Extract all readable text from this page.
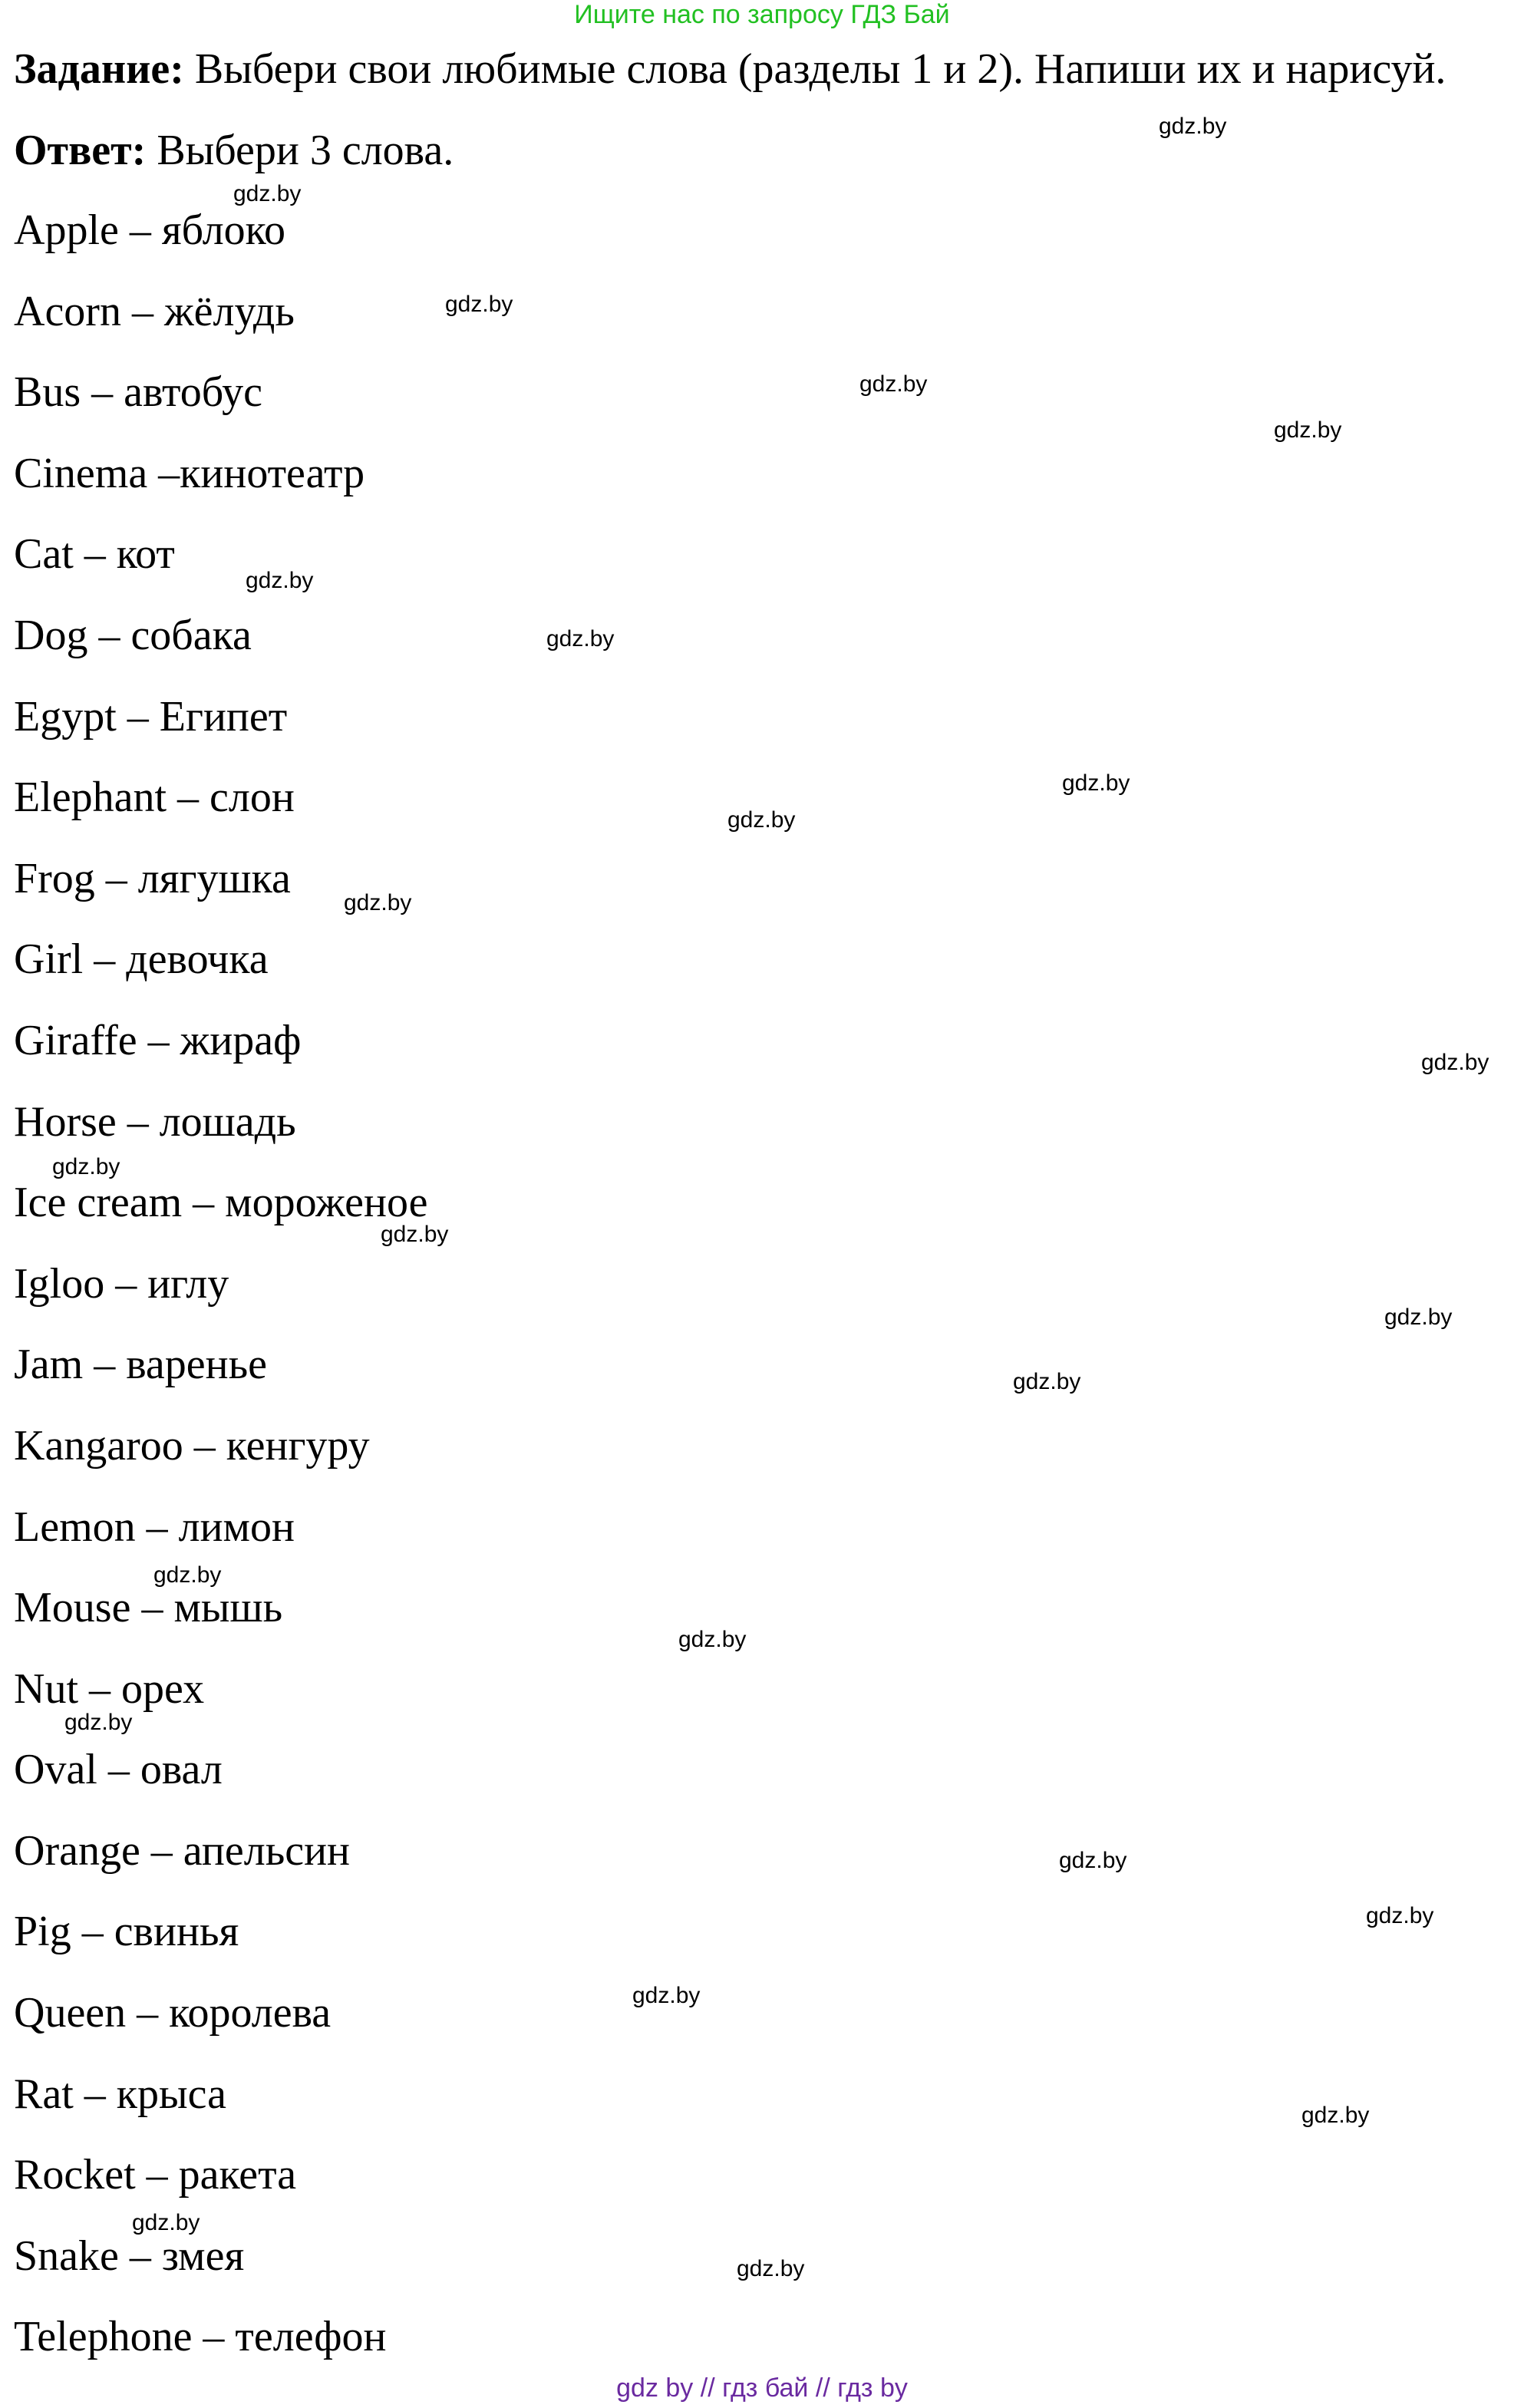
Ищите нас по запросу ГДЗ Бай
Задание: Выбери свои любимые слова (разделы 1 и 2). Напиши их и нарисуй.
Ответ: Выбери 3 слова.
Apple – яблоко
Acorn – жёлудь
Bus – автобус
Cinema –кинотеатр
Cat – кот
Dog – собака
Egypt – Египет
Elephant – слон
Frog – лягушка
Girl – девочка
Giraffe – жираф
Horse – лошадь
Ice cream – мороженое
Igloo – иглу
Jam – варенье
Kangaroo – кенгуру
Lemon – лимон
Mouse – мышь
Nut – орех
Oval – овал
Orange – апельсин
Pig – свинья
Queen – королева
Rat – крыса
Rocket – ракета
Snake – змея
Telephone – телефон
gdz.by
gdz.by
gdz.by
gdz.by
gdz.by
gdz.by
gdz.by
gdz.by
gdz.by
gdz.by
gdz.by
gdz.by
gdz.by
gdz.by
gdz.by
gdz.by
gdz.by
gdz.by
gdz.by
gdz.by
gdz.by
gdz.by
gdz.by
gdz.by
gdz by // гдз бай // гдз by
